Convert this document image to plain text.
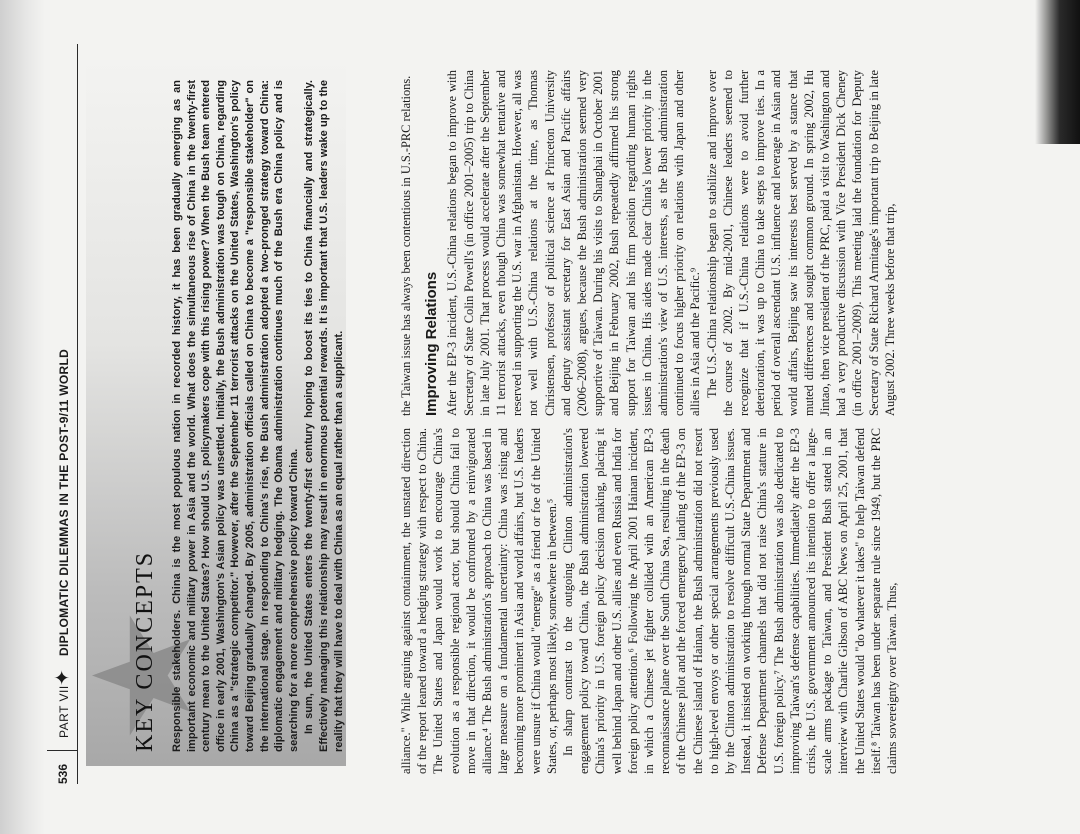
536
PART VII
✦
DIPLOMATIC DILEMMAS IN THE POST-9/11 WORLD	KEY CONCEPTS Responsible stakeholders. China is the most populous nation in recorded history, it has been gradually emerging as an important economic and military power in Asia and the world. What does the simultaneous rise of China in the twenty-first century mean to the United States? How should U.S. policymakers cope with this rising power? When the Bush team entered office in early 2001, Washington's Asian policy was unsettled. Initially, the Bush administration was tough on China, regarding China as a "strategic competitor." However, after the September 11 terrorist attacks on the United States, Washington's policy toward Beijing gradually changed. By 2005, administration officials called on China to become a "responsible stakeholder" on the international stage. In responding to China's rise, the Bush administration adopted a two-pronged strategy toward China: diplomatic engagement and military hedging. The Obama administration continues much of the Bush era China policy and is searching for a more comprehensive policy toward China. In sum, the United States enters the twenty-first century hoping to boost its ties to China financially and strategically. Effectively managing this relationship may result in enormous potential rewards. It is important that U.S. leaders wake up to the reality that they will have to deal with China as an equal rather than a supplicant.	alliance." While arguing against containment, the unstated direction of the report leaned toward a hedging strategy with respect to China. The United States and Japan would work to encourage China's evolution as a responsible regional actor, but should China fail to move in that direction, it would be confronted by a reinvigorated alliance.⁴ The Bush administration's approach to China was based in large measure on a fundamental uncertainty: China was rising and becoming more prominent in Asia and world affairs, but U.S. leaders were unsure if China would "emerge" as a friend or foe of the United States, or, perhaps most likely, somewhere in between.⁵ In sharp contrast to the outgoing Clinton administration's engagement policy toward China, the Bush administration lowered China's priority in U.S. foreign policy decision making, placing it well behind Japan and other U.S. allies and even Russia and India for foreign policy attention.⁶ Following the April 2001 Hainan incident, in which a Chinese jet fighter collided with an American EP-3 reconnaissance plane over the South China Sea, resulting in the death of the Chinese pilot and the forced emergency landing of the EP-3 on the Chinese island of Hainan, the Bush administration did not resort to high-level envoys or other special arrangements previously used by the Clinton administration to resolve difficult U.S.-China issues. Instead, it insisted on working through normal State Department and Defense Department channels that did not raise China's stature in U.S. foreign policy.⁷ The Bush administration was also dedicated to improving Taiwan's defense capabilities. Immediately after the EP-3 crisis, the U.S. government announced its intention to offer a large-scale arms package to Taiwan, and President Bush stated in an interview with Charlie Gibson of ABC News on April 25, 2001, that the United States would "do whatever it takes" to help Taiwan defend itself.⁸ Taiwan has been under separate rule since 1949, but the PRC claims sovereignty over Taiwan. Thus,

the Taiwan issue has always been contentious in U.S.-PRC relations. Improving Relations After the EP-3 incident, U.S.-China relations began to improve with Secretary of State Colin Powell's (in office 2001–2005) trip to China in late July 2001. That process would accelerate after the September 11 terrorist attacks, even though China was somewhat tentative and reserved in supporting the U.S. war in Afghanistan. However, all was not well with U.S.-China relations at the time, as Thomas Christensen, professor of political science at Princeton University and deputy assistant secretary for East Asian and Pacific affairs (2006–2008), argues, because the Bush administration seemed very supportive of Taiwan. During his visits to Shanghai in October 2001 and Beijing in February 2002, Bush repeatedly affirmed his strong support for Taiwan and his firm position regarding human rights issues in China. His aides made clear China's lower priority in the administration's view of U.S. interests, as the Bush administration continued to focus higher priority on relations with Japan and other allies in Asia and the Pacific.⁹ The U.S.-China relationship began to stabilize and improve over the course of 2002. By mid-2001, Chinese leaders seemed to recognize that if U.S.-China relations were to avoid further deterioration, it was up to China to take steps to improve ties. In a period of overall ascendant U.S. influence and leverage in Asian and world affairs, Beijing saw its interests best served by a stance that muted differences and sought common ground. In spring 2002, Hu Jintao, then vice president of the PRC, paid a visit to Washington and had a very productive discussion with Vice President Dick Cheney (in office 2001–2009). This meeting laid the foundation for Deputy Secretary of State Richard Armitage's important trip to Beijing in late August 2002. Three weeks before that trip,
